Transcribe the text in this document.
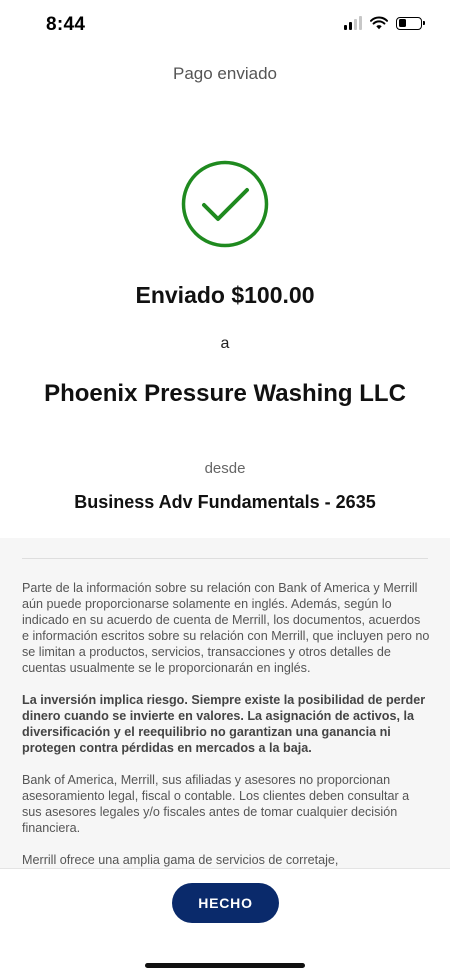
8:44
Pago enviado
Enviado $100.00
a
Phoenix Pressure Washing LLC
desde
Business Adv Fundamentals - 2635

Parte de la información sobre su relación con Bank of America y Merrill aún puede proporcionarse solamente en inglés. Además, según lo indicado en su acuerdo de cuenta de Merrill, los documentos, acuerdos e información escritos sobre su relación con Merrill, que incluyen pero no se limitan a productos, servicios, transacciones y otros detalles de cuentas usualmente se le proporcionarán en inglés.

La inversión implica riesgo. Siempre existe la posibilidad de perder dinero cuando se invierte en valores. La asignación de activos, la diversificación y el reequilibrio no garantizan una ganancia ni protegen contra pérdidas en mercados a la baja.

Bank of America, Merrill, sus afiliadas y asesores no proporcionan asesoramiento legal, fiscal o contable. Los clientes deben consultar a sus asesores legales y/o fiscales antes de tomar cualquier decisión financiera.

Merrill ofrece una amplia gama de servicios de corretaje,

HECHO
